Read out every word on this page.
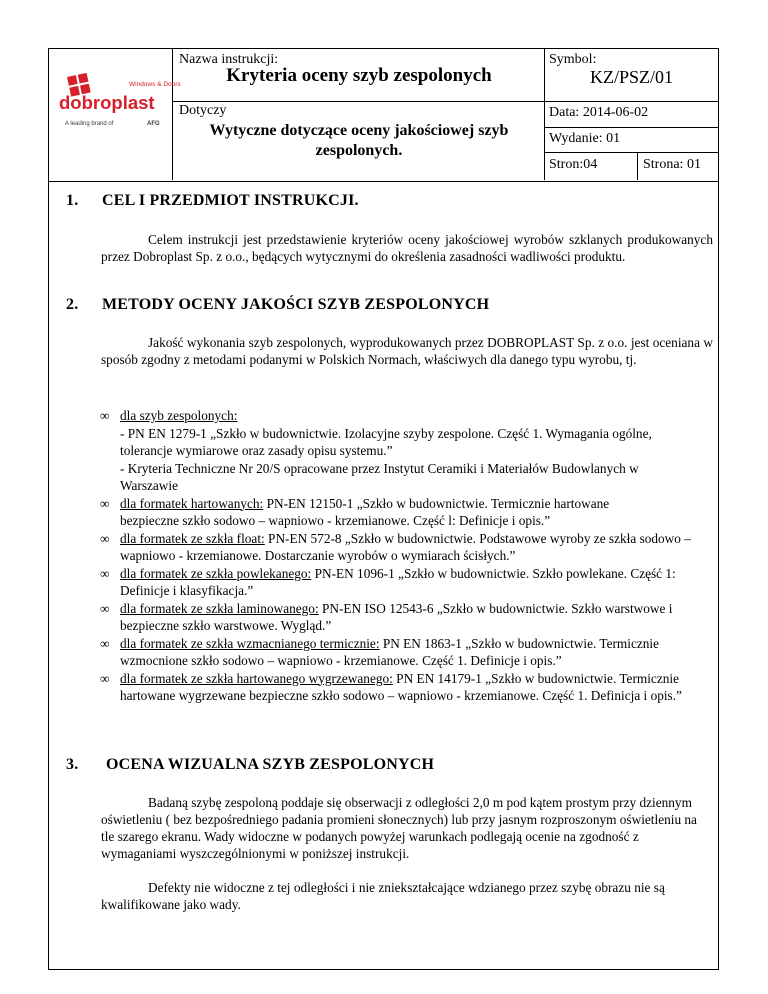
Windows & Doors
dobroplast
A leading brand of	AFG
Nazwa instrukcji:
Kryteria oceny szyb zespolonych
Dotyczy
Wytyczne dotyczące oceny jakościowej szyb zespolonych.
Symbol:
KZ/PSZ/01
Data: 2014-06-02
Wydanie: 01
Stron:04	Strona: 01
1. CEL I PRZEDMIOT INSTRUKCJI.
Celem instrukcji jest przedstawienie kryteriów oceny jakościowej wyrobów szklanych produkowanych przez Dobroplast Sp. z o.o., będących wytycznymi do określenia zasadności wadliwości produktu.
2. METODY OCENY JAKOŚCI SZYB ZESPOLONYCH
Jakość wykonania szyb zespolonych, wyprodukowanych przez DOBROPLAST Sp. z o.o. jest oceniana w sposób zgodny z metodami podanymi w Polskich Normach, właściwych dla danego typu wyrobu, tj.
∞ dla szyb zespolonych:
- PN EN 1279-1 „Szkło w budownictwie. Izolacyjne szyby zespolone. Część 1. Wymagania ogólne, tolerancje wymiarowe oraz zasady opisu systemu.”
- Kryteria Techniczne Nr 20/S opracowane przez Instytut Ceramiki i Materiałów Budowlanych w Warszawie
∞ dla formatek hartowanych: PN-EN 12150-1 „Szkło w budownictwie. Termicznie hartowane bezpieczne szkło sodowo – wapniowo - krzemianowe. Część l: Definicje i opis.”
∞ dla formatek ze szkła float: PN-EN 572-8 „Szkło w budownictwie. Podstawowe wyroby ze szkła sodowo – wapniowo - krzemianowe. Dostarczanie wyrobów o wymiarach ścisłych.”
∞ dla formatek ze szkła powlekanego: PN-EN 1096-1 „Szkło w budownictwie. Szkło powlekane. Część 1: Definicje i klasyfikacja.”
∞ dla formatek ze szkła laminowanego: PN-EN ISO 12543-6 „Szkło w budownictwie. Szkło warstwowe i bezpieczne szkło warstwowe. Wygląd.”
∞ dla formatek ze szkła wzmacnianego termicznie: PN EN 1863-1 „Szkło w budownictwie. Termicznie wzmocnione szkło sodowo – wapniowo - krzemianowe. Część 1. Definicje i opis.”
∞ dla formatek ze szkła hartowanego wygrzewanego: PN EN 14179-1 „Szkło w budownictwie. Termicznie hartowane wygrzewane bezpieczne szkło sodowo – wapniowo - krzemianowe. Część 1. Definicja i opis.”
3. OCENA WIZUALNA SZYB ZESPOLONYCH
Badaną szybę zespoloną poddaje się obserwacji z odległości 2,0 m pod kątem prostym przy dziennym oświetleniu ( bez bezpośredniego padania promieni słonecznych) lub przy jasnym rozproszonym oświetleniu na tle szarego ekranu. Wady widoczne w podanych powyżej warunkach podlegają ocenie na zgodność z wymaganiami wyszczególnionymi w poniższej instrukcji.
Defekty nie widoczne z tej odległości i nie zniekształcające wdzianego przez szybę obrazu nie są kwalifikowane jako wady.
